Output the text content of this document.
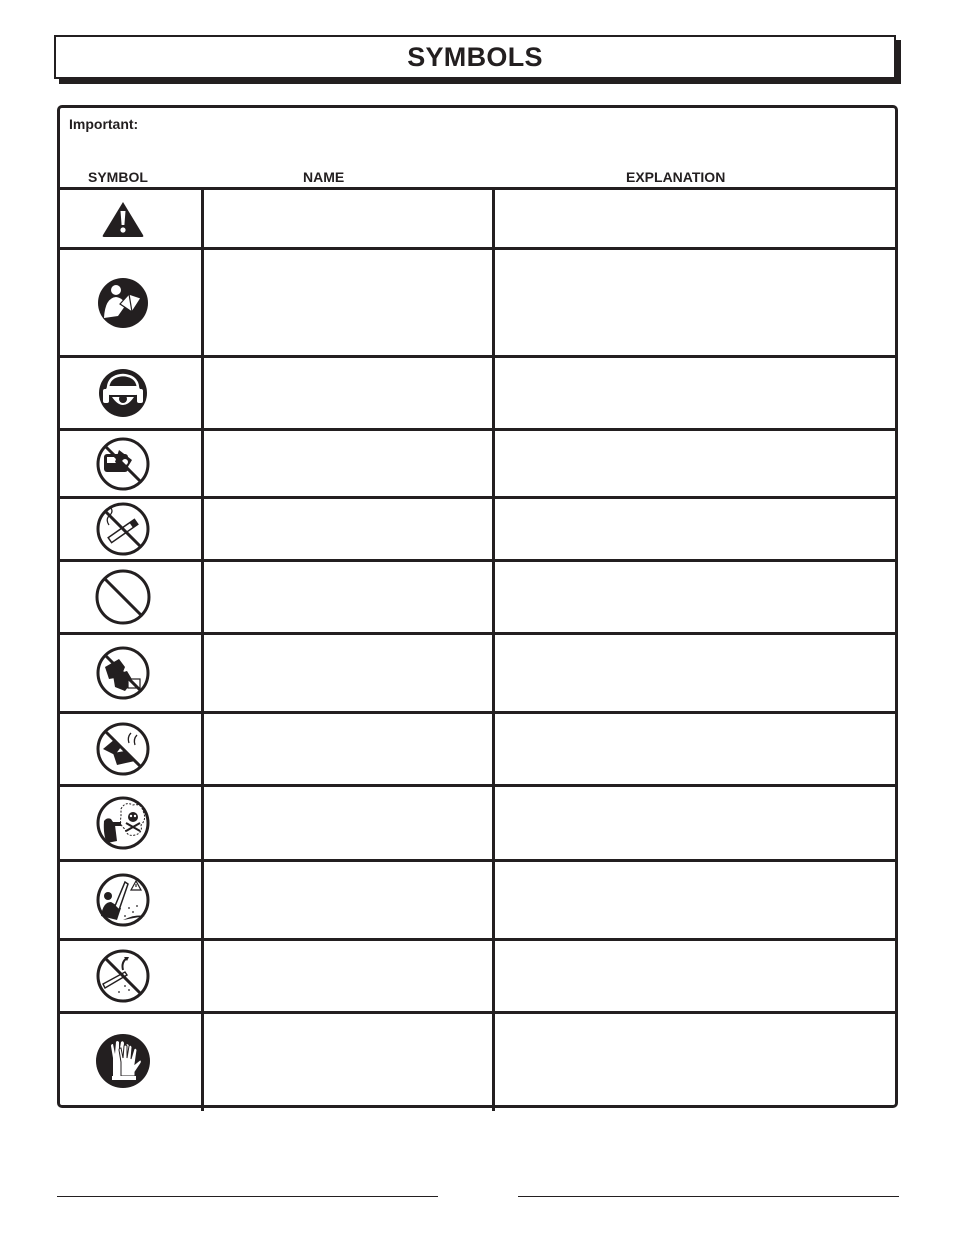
SYMBOLS
Important:
SYMBOL	NAME	EXPLANATION
